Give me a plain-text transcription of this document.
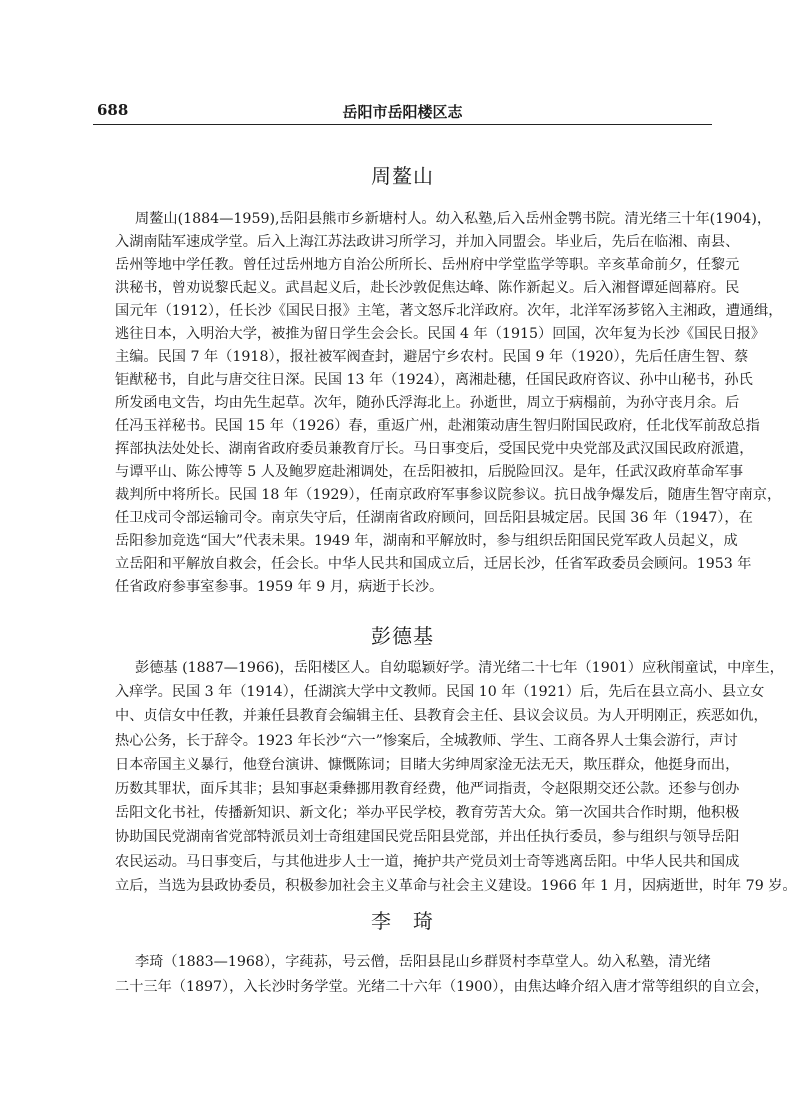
688	岳阳市岳阳楼区志
周鳌山
周鳌山(1884—1959),岳阳县熊市乡新塘村人。幼入私塾,后入岳州金鹗书院。清光绪三十年(1904)，
入湖南陆军速成学堂。后入上海江苏法政讲习所学习，并加入同盟会。毕业后，先后在临湘、南县、
岳州等地中学任教。曾任过岳州地方自治公所所长、岳州府中学堂监学等职。辛亥革命前夕，任黎元
洪秘书，曾劝说黎氏起义。武昌起义后，赴长沙敦促焦达峰、陈作新起义。后入湘督谭延闿幕府。民
国元年（1912），任长沙《国民日报》主笔，著文怒斥北洋政府。次年，北洋军汤芗铭入主湘政，遭通缉，
逃往日本，入明治大学，被推为留日学生会会长。民国 4 年（1915）回国，次年复为长沙《国民日报》
主编。民国 7 年（1918），报社被军阀查封，避居宁乡农村。民国 9 年（1920），先后任唐生智、蔡
钜猷秘书，自此与唐交往日深。民国 13 年（1924），离湘赴穗，任国民政府咨议、孙中山秘书，孙氏
所发函电文告，均由先生起草。次年，随孙氏浮海北上。孙逝世，周立于病榻前，为孙守丧月余。后
任冯玉祥秘书。民国 15 年（1926）春，重返广州，赴湘策动唐生智归附国民政府，任北伐军前敌总指
挥部执法处处长、湖南省政府委员兼教育厅长。马日事变后，受国民党中央党部及武汉国民政府派遣，
与谭平山、陈公博等 5 人及鲍罗庭赴湘调处，在岳阳被扣，后脱险回汉。是年，任武汉政府革命军事
裁判所中将所长。民国 18 年（1929），任南京政府军事参议院参议。抗日战争爆发后，随唐生智守南京，
任卫戍司令部运输司令。南京失守后，任湖南省政府顾问，回岳阳县城定居。民国 36 年（1947），在
岳阳参加竞选“国大”代表未果。1949 年，湖南和平解放时，参与组织岳阳国民党军政人员起义，成
立岳阳和平解放自救会，任会长。中华人民共和国成立后，迁居长沙，任省军政委员会顾问。1953 年
任省政府参事室参事。1959 年 9 月，病逝于长沙。
彭德基
彭德基 (1887—1966)，岳阳楼区人。自幼聪颖好学。清光绪二十七年（1901）应秋闱童试，中庠生，
入痒学。民国 3 年（1914），任湖滨大学中文教师。民国 10 年（1921）后，先后在县立高小、县立女
中、贞信女中任教，并兼任县教育会编辑主任、县教育会主任、县议会议员。为人开明刚正，疾恶如仇，
热心公务，长于辞令。1923 年长沙“六一”惨案后，全城教师、学生、工商各界人士集会游行，声讨
日本帝国主义暴行，他登台演讲、慷慨陈词；目睹大劣绅周家淦无法无天，欺压群众，他挺身而出，
历数其罪状，面斥其非；县知事赵秉彝挪用教育经费，他严词指责，令赵限期交还公款。还参与创办
岳阳文化书社，传播新知识、新文化；举办平民学校，教育劳苦大众。第一次国共合作时期，他积极
协助国民党湖南省党部特派员刘士奇组建国民党岳阳县党部，并出任执行委员，参与组织与领导岳阳
农民运动。马日事变后，与其他进步人士一道，掩护共产党员刘士奇等逃离岳阳。中华人民共和国成
立后，当选为县政协委员，积极参加社会主义革命与社会主义建设。1966 年 1 月，因病逝世，时年 79 岁。
李　琦
李琦（1883—1968），字莼荪，号云僧，岳阳县昆山乡群贤村李草堂人。幼入私塾，清光绪
二十三年（1897），入长沙时务学堂。光绪二十六年（1900），由焦达峰介绍入唐才常等组织的自立会，
